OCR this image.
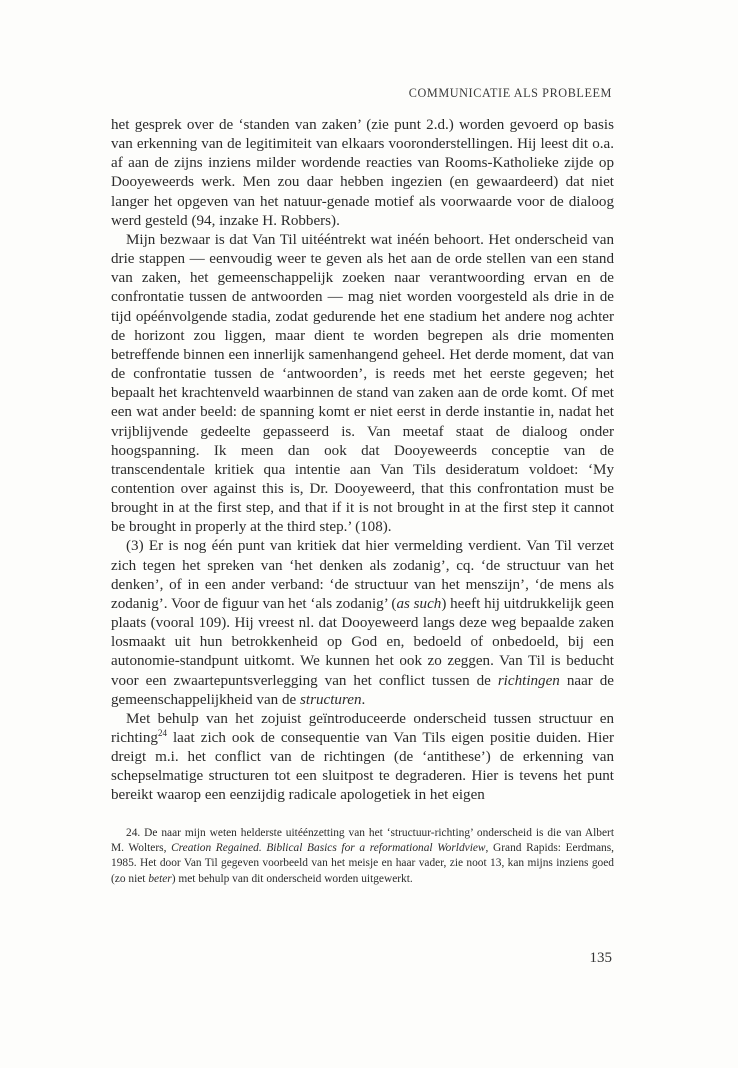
COMMUNICATIE ALS PROBLEEM

het gesprek over de ‘standen van zaken’ (zie punt 2.d.) worden gevoerd op basis van erkenning van de legitimiteit van elkaars vooronderstellingen. Hij leest dit o.a. af aan de zijns inziens milder wordende reacties van Rooms-Katholieke zijde op Dooyeweerds werk. Men zou daar hebben ingezien (en gewaardeerd) dat niet langer het opgeven van het natuur-genade motief als voorwaarde voor de dialoog werd gesteld (94, inzake H. Robbers).

Mijn bezwaar is dat Van Til uitééntrekt wat inéén behoort. Het onderscheid van drie stappen — eenvoudig weer te geven als het aan de orde stellen van een stand van zaken, het gemeenschappelijk zoeken naar verantwoording ervan en de confrontatie tussen de antwoorden — mag niet worden voorgesteld als drie in de tijd opéénvolgende stadia, zodat gedurende het ene stadium het andere nog achter de horizont zou liggen, maar dient te worden begrepen als drie momenten betreffende binnen een innerlijk samenhangend geheel. Het derde moment, dat van de confrontatie tussen de ‘antwoorden’, is reeds met het eerste gegeven; het bepaalt het krachtenveld waarbinnen de stand van zaken aan de orde komt. Of met een wat ander beeld: de spanning komt er niet eerst in derde instantie in, nadat het vrijblijvende gedeelte gepasseerd is. Van meetaf staat de dialoog onder hoogspanning. Ik meen dan ook dat Dooyeweerds conceptie van de transcendentale kritiek qua intentie aan Van Tils desideratum voldoet: ‘My contention over against this is, Dr. Dooyeweerd, that this confrontation must be brought in at the first step, and that if it is not brought in at the first step it cannot be brought in properly at the third step.’ (108).

(3) Er is nog één punt van kritiek dat hier vermelding verdient. Van Til verzet zich tegen het spreken van ‘het denken als zodanig’, cq. ‘de structuur van het denken’, of in een ander verband: ‘de structuur van het menszijn’, ‘de mens als zodanig’. Voor de figuur van het ‘als zodanig’ (as such) heeft hij uitdrukkelijk geen plaats (vooral 109). Hij vreest nl. dat Dooyeweerd langs deze weg bepaalde zaken losmaakt uit hun betrokkenheid op God en, bedoeld of onbedoeld, bij een autonomie-standpunt uitkomt. We kunnen het ook zo zeggen. Van Til is beducht voor een zwaartepuntsverlegging van het conflict tussen de richtingen naar de gemeenschappelijkheid van de structuren.

Met behulp van het zojuist geïntroduceerde onderscheid tussen structuur en richting$^{24}$ laat zich ook de consequentie van Van Tils eigen positie duiden. Hier dreigt m.i. het conflict van de richtingen (de ‘antithese’) de erkenning van schepselmatige structuren tot een sluitpost te degraderen. Hier is tevens het punt bereikt waarop een eenzijdig radicale apologetiek in het eigen

24. De naar mijn weten helderste uitéénzetting van het ‘structuur-richting’ onderscheid is die van Albert M. Wolters, Creation Regained. Biblical Basics for a reformational Worldview, Grand Rapids: Eerdmans, 1985. Het door Van Til gegeven voorbeeld van het meisje en haar vader, zie noot 13, kan mijns inziens goed (zo niet beter) met behulp van dit onderscheid worden uitgewerkt.

135
